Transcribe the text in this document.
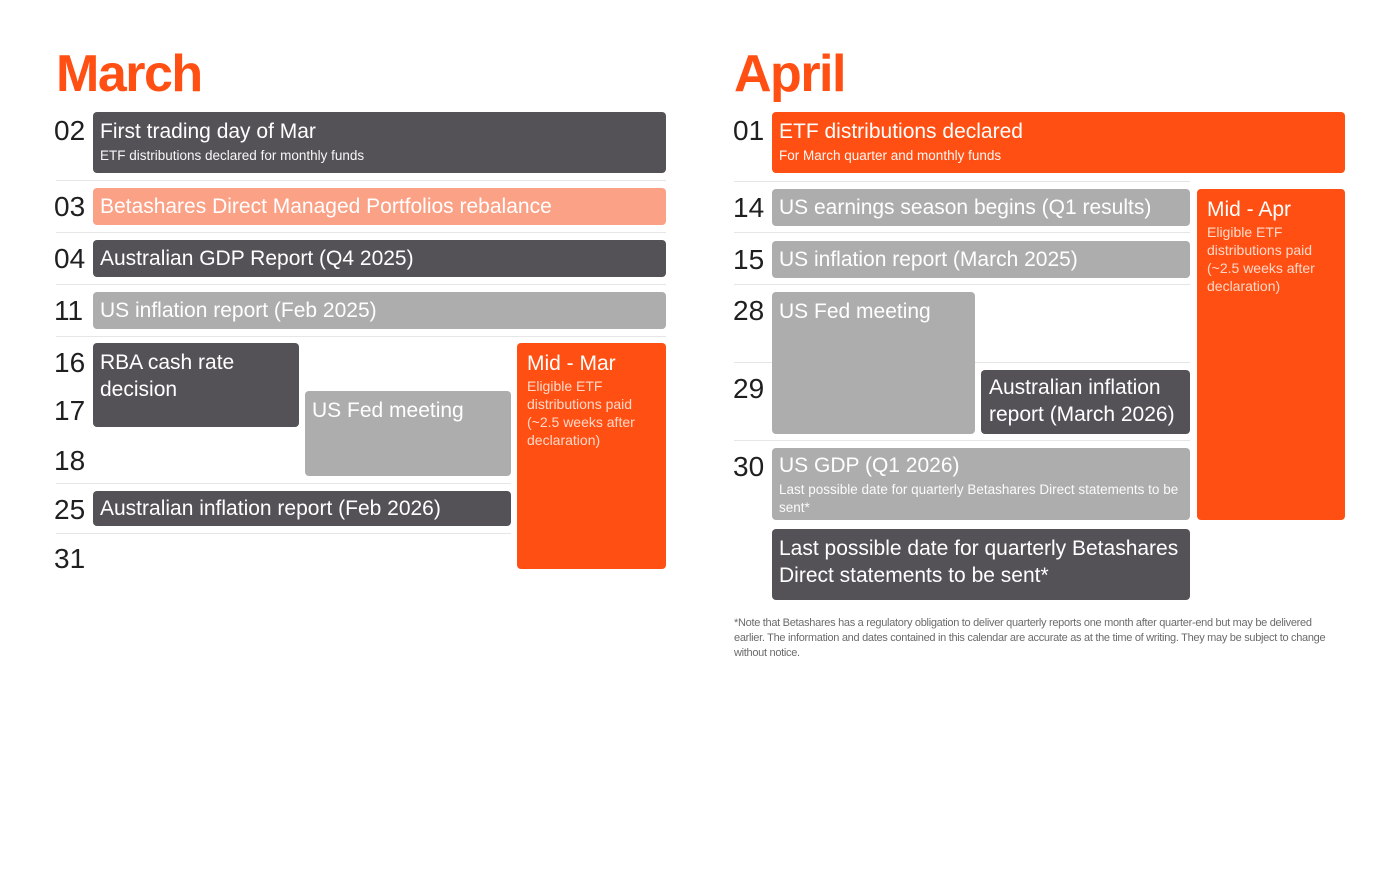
March
02
03
04
11
16
17
18
25
31
First trading day of Mar
ETF distributions declared for monthly funds
Betashares Direct Managed Portfolios rebalance
Australian GDP Report (Q4 2025)
US inflation report (Feb 2025)
RBA cash rate decision
US Fed meeting
Australian inflation report (Feb 2026)
Mid - Mar
Eligible ETF distributions paid (~2.5 weeks after declaration)
April
01
14
15
28
29
30
ETF distributions declared
For March quarter and monthly funds
US earnings season begins (Q1 results)
US inflation report (March 2025)
US Fed meeting
Australian inflation report (March 2026)
US GDP (Q1 2026)
Last possible date for quarterly Betashares Direct statements to be sent*
Last possible date for quarterly Betashares Direct statements to be sent*
Mid - Apr
Eligible ETF distributions paid (~2.5 weeks after declaration)
*Note that Betashares has a regulatory obligation to deliver quarterly reports one month after quarter-end but may be delivered earlier. The information and dates contained in this calendar are accurate as at the time of writing. They may be subject to change without notice.
